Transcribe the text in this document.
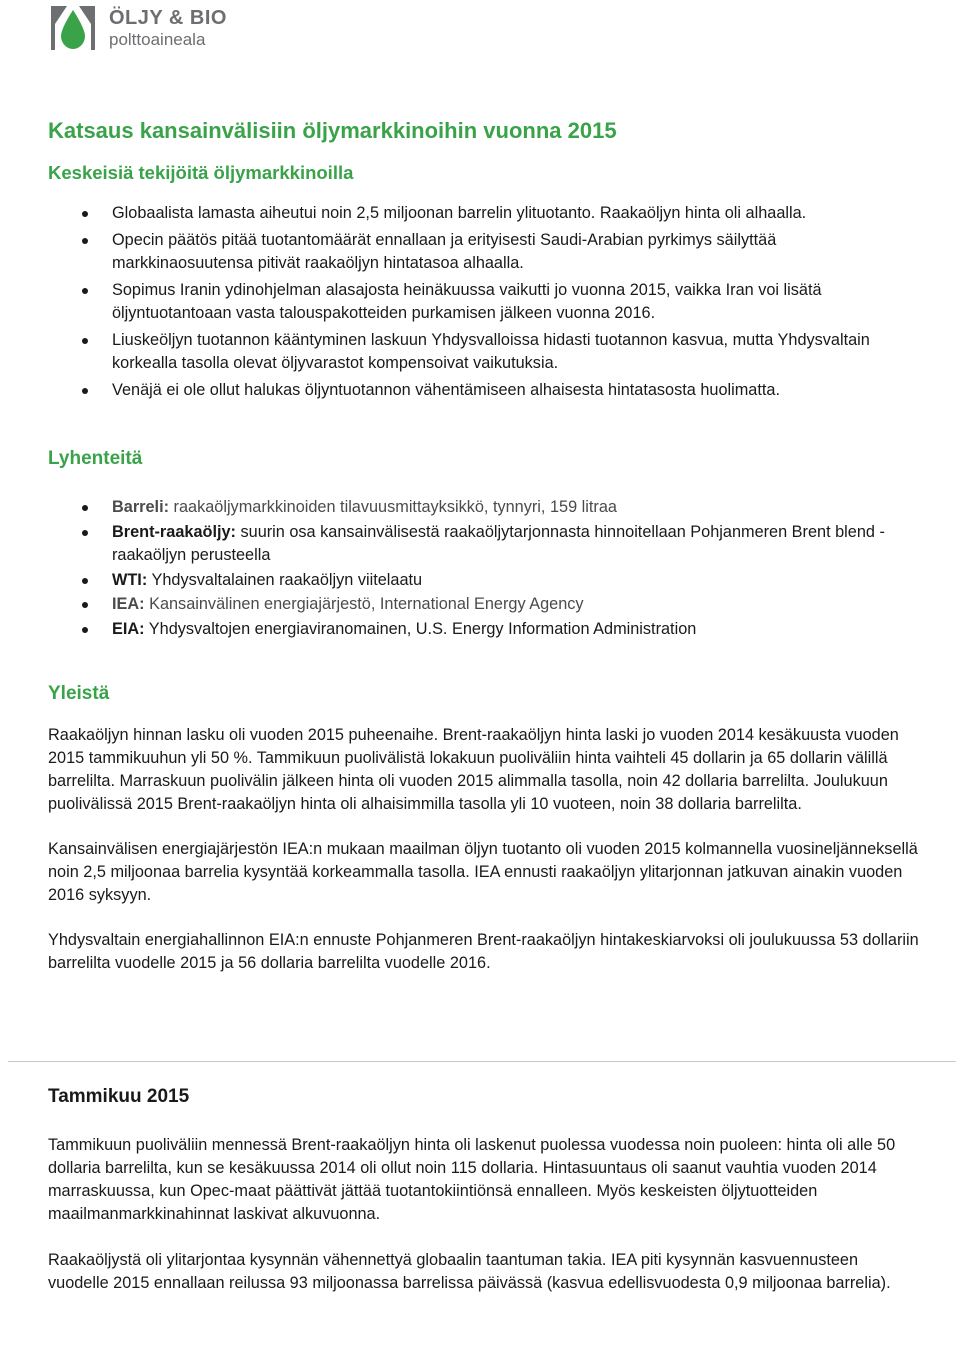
ÖLJY & BIO
polttoaineala
Katsaus kansainvälisiin öljymarkkinoihin vuonna 2015
Keskeisiä tekijöitä öljymarkkinoilla
Globaalista lamasta aiheutui noin 2,5 miljoonan barrelin ylituotanto. Raakaöljyn hinta oli alhaalla.
Opecin päätös pitää tuotantomäärät ennallaan ja erityisesti Saudi-Arabian pyrkimys säilyttää markkinaosuutensa pitivät raakaöljyn hintatasoa alhaalla.
Sopimus Iranin ydinohjelman alasajosta heinäkuussa vaikutti jo vuonna 2015, vaikka Iran voi lisätä öljyntuotantoaan vasta talouspakotteiden purkamisen jälkeen vuonna 2016.
Liuskeöljyn tuotannon kääntyminen laskuun Yhdysvalloissa hidasti tuotannon kasvua, mutta Yhdysvaltain korkealla tasolla olevat öljyvarastot kompensoivat vaikutuksia.
Venäjä ei ole ollut halukas öljyntuotannon vähentämiseen alhaisesta hintatasosta huolimatta.
Lyhenteitä
Barreli: raakaöljymarkkinoiden tilavuusmittayksikkö, tynnyri, 159 litraa
Brent-raakaöljy: suurin osa kansainvälisestä raakaöljytarjonnasta hinnoitellaan Pohjanmeren Brent blend -raakaöljyn perusteella
WTI: Yhdysvaltalainen raakaöljyn viitelaatu
IEA: Kansainvälinen energiajärjestö, International Energy Agency
EIA: Yhdysvaltojen energiaviranomainen, U.S. Energy Information Administration
Yleistä

Raakaöljyn hinnan lasku oli vuoden 2015 puheenaihe. Brent-raakaöljyn hinta laski jo vuoden 2014 kesäkuusta vuoden 2015 tammikuuhun yli 50 %. Tammikuun puolivälistä lokakuun puoliväliin hinta vaihteli 45 dollarin ja 65 dollarin välillä barrelilta. Marraskuun puolivälin jälkeen hinta oli vuoden 2015 alimmalla tasolla, noin 42 dollaria barrelilta. Joulukuun puolivälissä 2015 Brent-raakaöljyn hinta oli alhaisimmilla tasolla yli 10 vuoteen, noin 38 dollaria barrelilta.

Kansainvälisen energiajärjestön IEA:n mukaan maailman öljyn tuotanto oli vuoden 2015 kolmannella vuosineljänneksellä noin 2,5 miljoonaa barrelia kysyntää korkeammalla tasolla. IEA ennusti raakaöljyn ylitarjonnan jatkuvan ainakin vuoden 2016 syksyyn.

Yhdysvaltain energiahallinnon EIA:n ennuste Pohjanmeren Brent-raakaöljyn hintakeskiarvoksi oli joulukuussa 53 dollariin barrelilta vuodelle 2015 ja 56 dollaria barrelilta vuodelle 2016.

Tammikuu 2015

Tammikuun puoliväliin mennessä Brent-raakaöljyn hinta oli laskenut puolessa vuodessa noin puoleen: hinta oli alle 50 dollaria barrelilta, kun se kesäkuussa 2014 oli ollut noin 115 dollaria. Hintasuuntaus oli saanut vauhtia vuoden 2014 marraskuussa, kun Opec-maat päättivät jättää tuotantokiintiönsä ennalleen. Myös keskeisten öljytuotteiden maailmanmarkkinahinnat laskivat alkuvuonna.

Raakaöljystä oli ylitarjontaa kysynnän vähennettyä globaalin taantuman takia. IEA piti kysynnän kasvuennusteen vuodelle 2015 ennallaan reilussa 93 miljoonassa barrelissa päivässä (kasvua edellisvuodesta 0,9 miljoonaa barrelia).
